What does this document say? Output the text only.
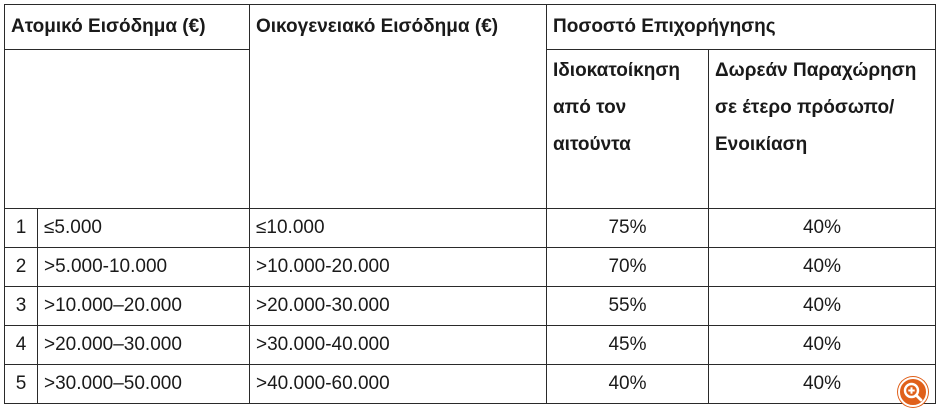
Ατομικό Εισόδημα (€)		Οικογενειακό Εισόδημα (€)	Ποσοστό Επιχορήγησης	
			Ιδιοκατοίκηση από τον αιτούντα	Δωρεάν Παραχώρηση σε έτερο πρόσωπο/ Ενοικίαση
1	≤5.000	≤10.000	75%	40%
2	>5.000-10.000	>10.000-20.000	70%	40%
3	>10.000–20.000	>20.000-30.000	55%	40%
4	>20.000–30.000	>30.000-40.000	45%	40%
5	>30.000–50.000	>40.000-60.000	40%	40%
